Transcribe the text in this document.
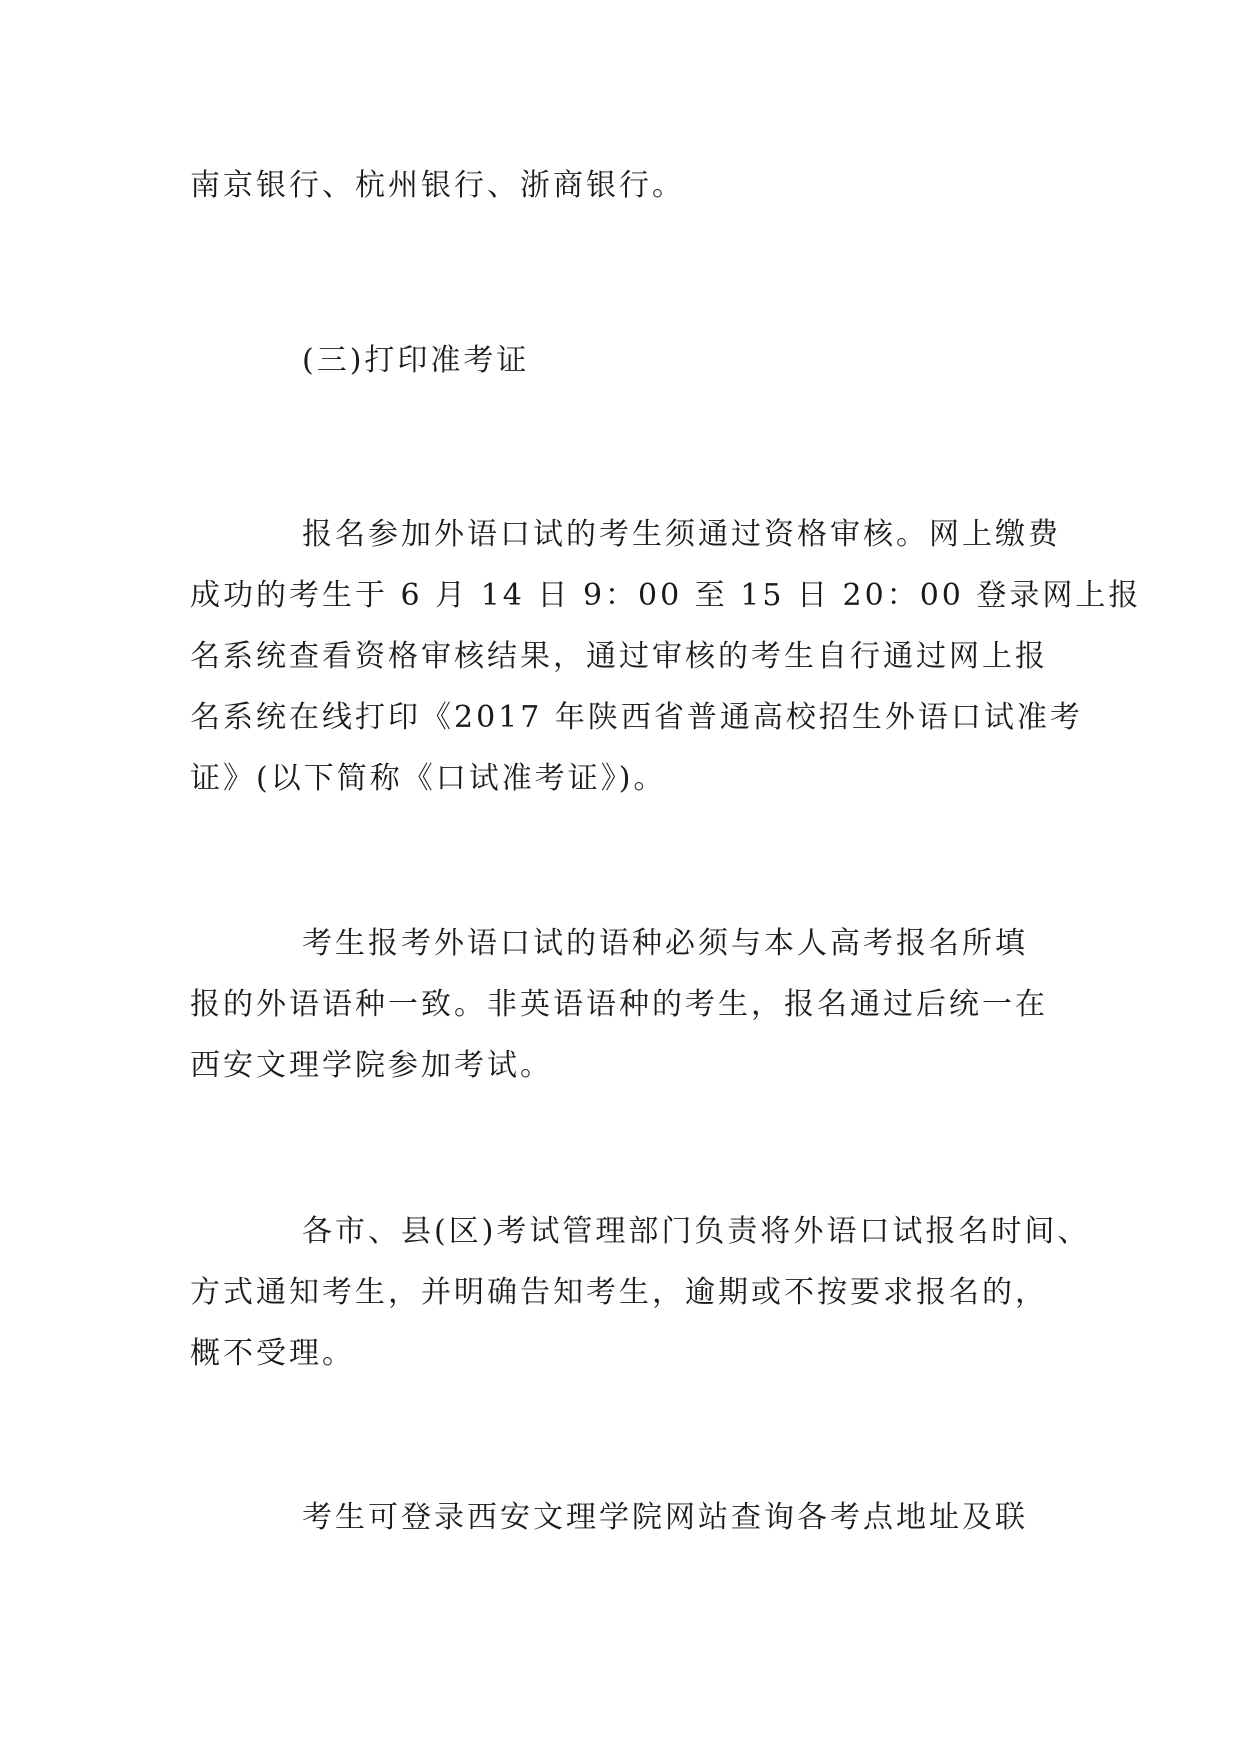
南京银行、杭州银行、浙商银行。
(三)打印准考证
报名参加外语口试的考生须通过资格审核。网上缴费
成功的考生于 6 月 14 日 9：00 至 15 日 20：00 登录网上报
名系统查看资格审核结果，通过审核的考生自行通过网上报
名系统在线打印《2017 年陕西省普通高校招生外语口试准考
证》(以下简称《口试准考证》)。
考生报考外语口试的语种必须与本人高考报名所填
报的外语语种一致。非英语语种的考生，报名通过后统一在
西安文理学院参加考试。
各市、县(区)考试管理部门负责将外语口试报名时间、
方式通知考生，并明确告知考生，逾期或不按要求报名的，
概不受理。
考生可登录西安文理学院网站查询各考点地址及联
